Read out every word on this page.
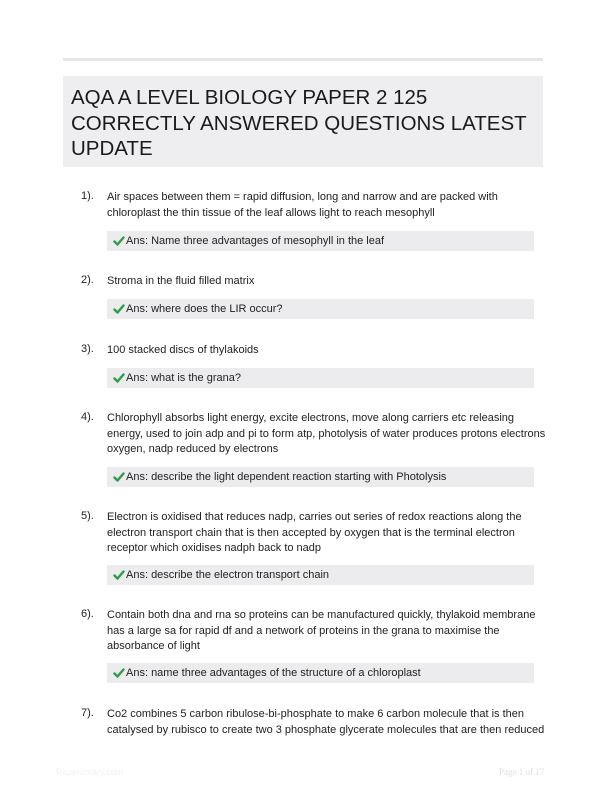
AQA A LEVEL BIOLOGY PAPER 2 125
CORRECTLY ANSWERED QUESTIONS LATEST
UPDATE
1). Air spaces between them = rapid diffusion, long and narrow and are packed with
chloroplast the thin tissue of the leaf allows light to reach mesophyll
Ans: Name three advantages of mesophyll in the leaf
2). Stroma in the fluid filled matrix
Ans: where does the LIR occur?
3). 100 stacked discs of thylakoids
Ans: what is the grana?
4). Chlorophyll absorbs light energy, excite electrons, move along carriers etc releasing
energy, used to join adp and pi to form atp, photolysis of water produces protons electrons
oxygen, nadp reduced by electrons
Ans: describe the light dependent reaction starting with Photolysis
5). Electron is oxidised that reduces nadp, carries out series of redox reactions along the
electron transport chain that is then accepted by oxygen that is the terminal electron
receptor which oxidises nadph back to nadp
Ans: describe the electron transport chain
6). Contain both dna and rna so proteins can be manufactured quickly, thylakoid membrane
has a large sa for rapid df and a network of proteins in the grana to maximise the
absorbance of light
Ans: name three advantages of the structure of a chloroplast
7). Co2 combines 5 carbon ribulose-bi-phosphate to make 6 carbon molecule that is then
catalysed by rubisco to create two 3 phosphate glycerate molecules that are then reduced
Paperlibrary.com	Page 1 of 17
